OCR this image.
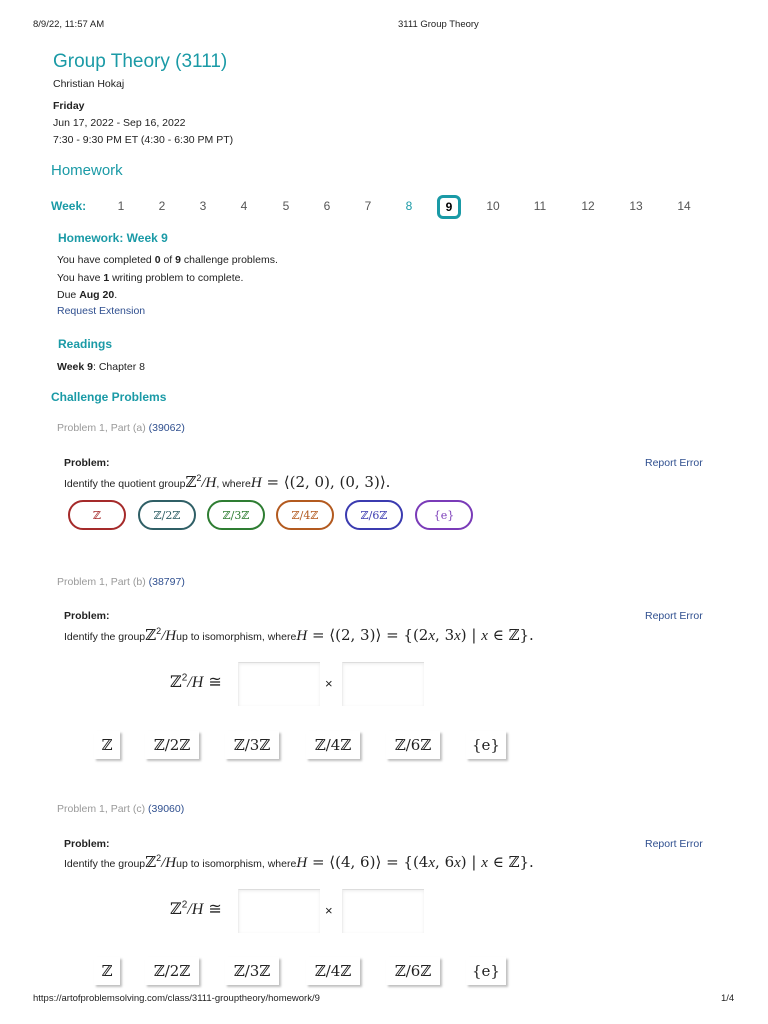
8/9/22, 11:57 AM	3111 Group Theory
Group Theory (3111)
Christian Hokaj
Friday
Jun 17, 2022 - Sep 16, 2022
7:30 - 9:30 PM ET (4:30 - 6:30 PM PT)
Homework
Week:	1	2	3	4	5	6	7	8	9	10	11	12	13	14
Homework: Week 9
You have completed 0 of 9 challenge problems.
You have 1 writing problem to complete.
Due Aug 20.
Request Extension
Readings
Week 9: Chapter 8
Challenge Problems
Problem 1, Part (a) (39062)
Problem:	Report Error
Identify the quotient group ℤ$^2$/H , where H = ⟨(2, 0), (0, 3)⟩.
ℤ	ℤ/2ℤ	ℤ/3ℤ	ℤ/4ℤ	ℤ/6ℤ	{e}
Problem 1, Part (b) (38797)
Problem:	Report Error
Identify the group ℤ$^2$/H up to isomorphism, where H = ⟨(2, 3)⟩ = {(2x, 3x) | x ∈ ℤ}.
ℤ$^2$/H ≅	×
ℤ	ℤ/2ℤ	ℤ/3ℤ	ℤ/4ℤ	ℤ/6ℤ	{e}
Problem 1, Part (c) (39060)
Problem:	Report Error
Identify the group ℤ$^2$/H up to isomorphism, where H = ⟨(4, 6)⟩ = {(4x, 6x) | x ∈ ℤ}.
ℤ$^2$/H ≅	×
ℤ	ℤ/2ℤ	ℤ/3ℤ	ℤ/4ℤ	ℤ/6ℤ	{e}
https://artofproblemsolving.com/class/3111-grouptheory/homework/9	1/4
